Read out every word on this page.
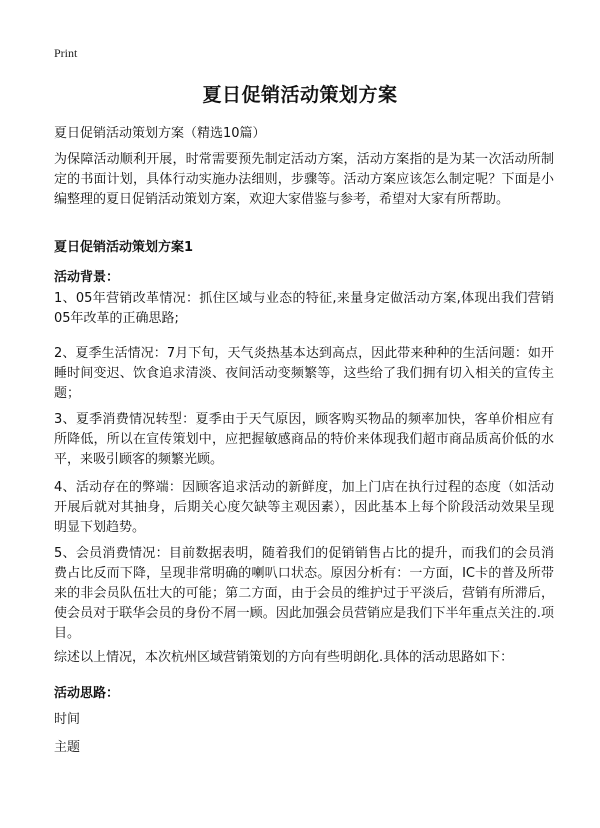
Print
夏日促销活动策划方案
夏日促销活动策划方案（精选10篇）

为保障活动顺利开展，时常需要预先制定活动方案，活动方案指的是为某一次活动所制定的书面计划，具体行动实施办法细则，步骤等。活动方案应该怎么制定呢？下面是小编整理的夏日促销活动策划方案，欢迎大家借鉴与参考，希望对大家有所帮助。

夏日促销活动策划方案1
活动背景：

1、05年营销改革情况：抓住区域与业态的特征,来量身定做活动方案,体现出我们营销05年改革的正确思路;

2、夏季生活情况：7月下旬，天气炎热基本达到高点，因此带来种种的生活问题：如开睡时间变迟、饮食追求清淡、夜间活动变频繁等，这些给了我们拥有切入相关的宣传主题；

3、夏季消费情况转型：夏季由于天气原因，顾客购买物品的频率加快，客单价相应有所降低，所以在宣传策划中，应把握敏感商品的特价来体现我们超市商品质高价低的水平，来吸引顾客的频繁光顾。

4、活动存在的弊端：因顾客追求活动的新鲜度，加上门店在执行过程的态度（如活动开展后就对其抽身，后期关心度欠缺等主观因素），因此基本上每个阶段活动效果呈现明显下划趋势。

5、会员消费情况：目前数据表明，随着我们的促销销售占比的提升，而我们的会员消费占比反而下降，呈现非常明确的喇叭口状态。原因分析有：一方面，IC卡的普及所带来的非会员队伍壮大的可能；第二方面，由于会员的维护过于平淡后，营销有所滞后，使会员对于联华会员的身份不屑一顾。因此加强会员营销应是我们下半年重点关注的.项目。

综述以上情况，本次杭州区域营销策划的方向有些明朗化.具体的活动思路如下：

活动思路：
时间
主题
